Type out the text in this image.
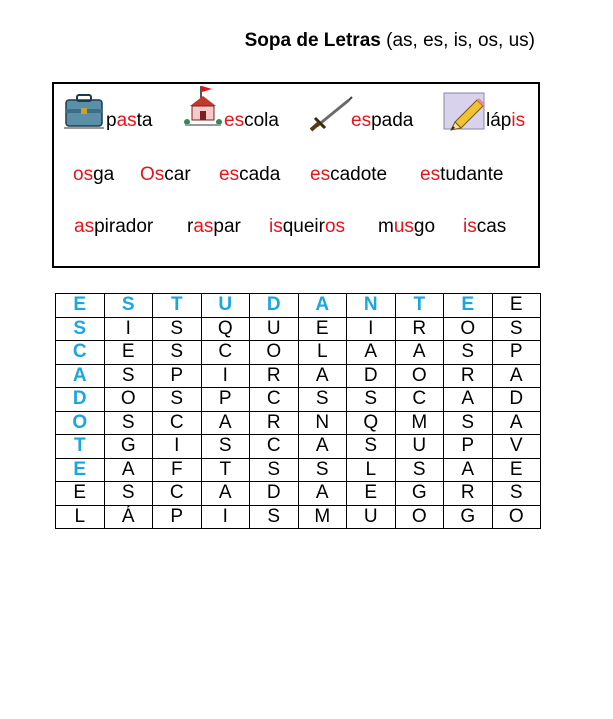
Sopa de Letras (as, es, is, os, us)
pasta	escola	espada	lápis
osga Oscar escada escadote estudante
aspirador raspar isqueiros musgo iscas
E	S	T	U	D	A	N	T	E	E
S	I	S	Q	U	E	I	R	O	S
C	E	S	C	O	L	A	A	S	P
A	S	P	I	R	A	D	O	R	A
D	O	S	P	C	S	S	C	A	D
O	S	C	A	R	N	Q	M	S	A
T	G	I	S	C	A	S	U	P	V
E	A	F	T	S	S	L	S	A	E
E	S	C	A	D	A	E	G	R	S
L	Á	P	I	S	M	U	O	G	O
